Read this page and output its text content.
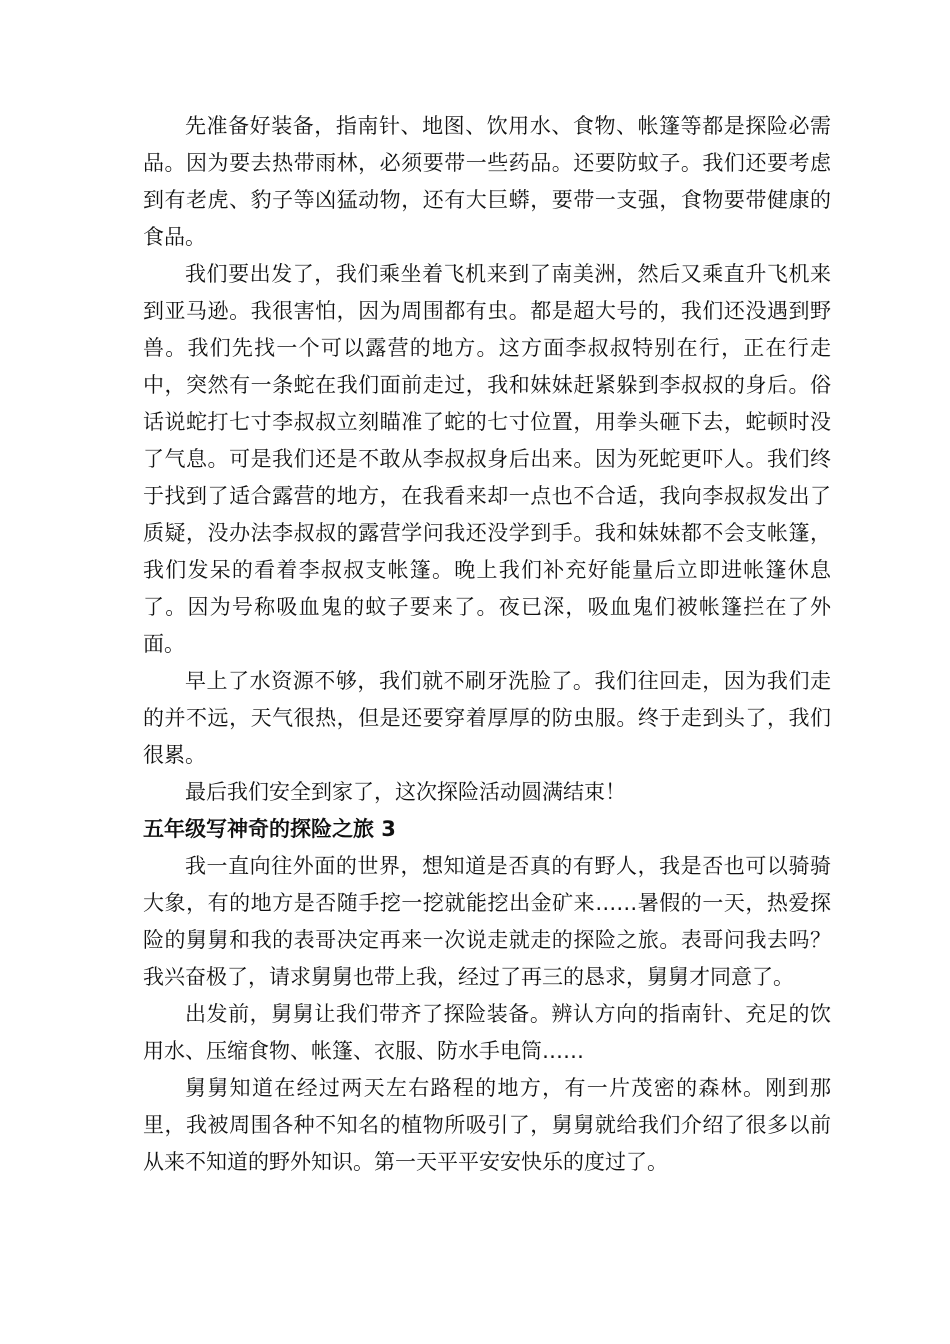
先准备好装备，指南针、地图、饮用水、食物、帐篷等都是探险必需品。因为要去热带雨林，必须要带一些药品。还要防蚊子。我们还要考虑到有老虎、豹子等凶猛动物，还有大巨蟒，要带一支强，食物要带健康的食品。

我们要出发了，我们乘坐着飞机来到了南美洲，然后又乘直升飞机来到亚马逊。我很害怕，因为周围都有虫。都是超大号的，我们还没遇到野兽。我们先找一个可以露营的地方。这方面李叔叔特别在行，正在行走中，突然有一条蛇在我们面前走过，我和妹妹赶紧躲到李叔叔的身后。俗话说蛇打七寸李叔叔立刻瞄准了蛇的七寸位置，用拳头砸下去，蛇顿时没了气息。可是我们还是不敢从李叔叔身后出来。因为死蛇更吓人。我们终于找到了适合露营的地方，在我看来却一点也不合适，我向李叔叔发出了质疑，没办法李叔叔的露营学问我还没学到手。我和妹妹都不会支帐篷，我们发呆的看着李叔叔支帐篷。晚上我们补充好能量后立即进帐篷休息了。因为号称吸血鬼的蚊子要来了。夜已深，吸血鬼们被帐篷拦在了外面。

早上了水资源不够，我们就不刷牙洗脸了。我们往回走，因为我们走的并不远，天气很热，但是还要穿着厚厚的防虫服。终于走到头了，我们很累。

最后我们安全到家了，这次探险活动圆满结束！

五年级写神奇的探险之旅 3

我一直向往外面的世界，想知道是否真的有野人，我是否也可以骑骑大象，有的地方是否随手挖一挖就能挖出金矿来……暑假的一天，热爱探险的舅舅和我的表哥决定再来一次说走就走的探险之旅。表哥问我去吗？我兴奋极了，请求舅舅也带上我，经过了再三的恳求，舅舅才同意了。

出发前，舅舅让我们带齐了探险装备。辨认方向的指南针、充足的饮用水、压缩食物、帐篷、衣服、防水手电筒……

舅舅知道在经过两天左右路程的地方，有一片茂密的森林。刚到那里，我被周围各种不知名的植物所吸引了，舅舅就给我们介绍了很多以前从来不知道的野外知识。第一天平平安安快乐的度过了。
